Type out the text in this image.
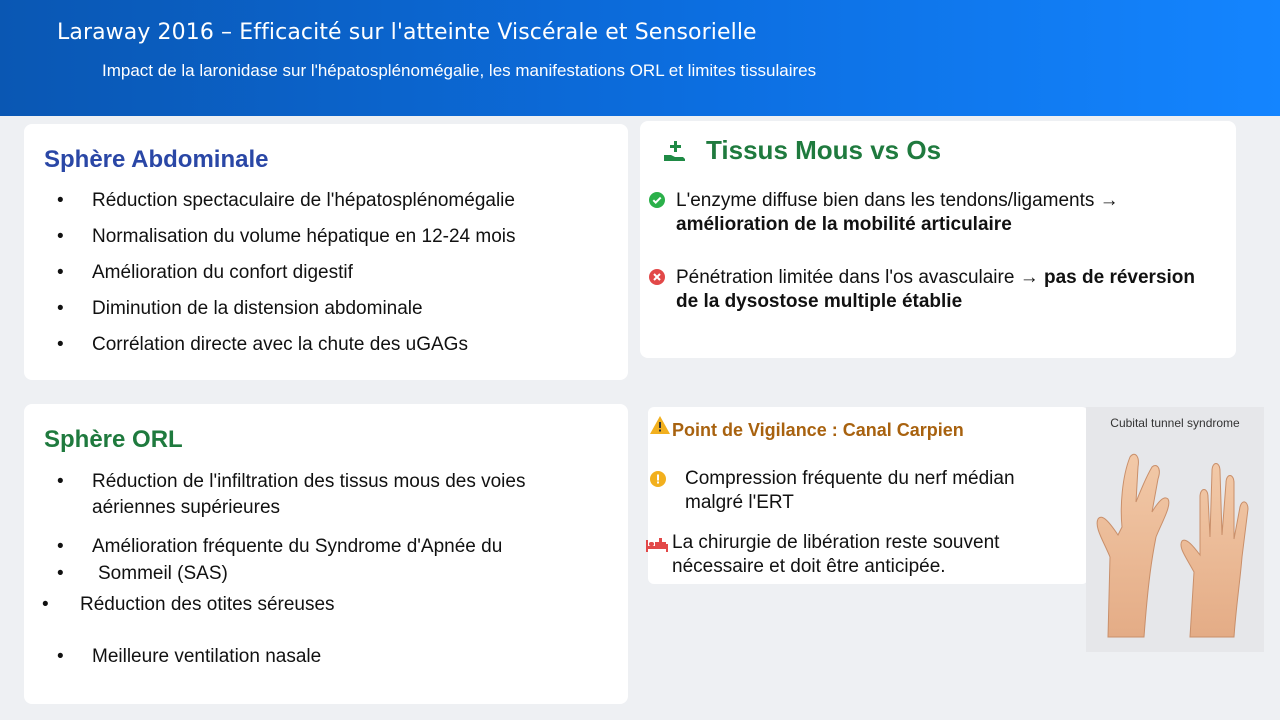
Laraway 2016 – Efficacité sur l'atteinte Viscérale et Sensorielle
Impact de la laronidase sur l'hépatosplénomégalie, les manifestations ORL et limites tissulaires
Sphère Abdominale
• Réduction spectaculaire de l'hépatosplénomégalie
• Normalisation du volume hépatique en 12-24 mois
• Amélioration du confort digestif
• Diminution de la distension abdominale
• Corrélation directe avec la chute des uGAGs
Sphère ORL
• Réduction de l'infiltration des tissus mous des voies aériennes supérieures
• Amélioration fréquente du Syndrome d'Apnée du
• Sommeil (SAS)
• Réduction des otites séreuses
• Meilleure ventilation nasale
Tissus Mous vs Os
L'enzyme diffuse bien dans les tendons/ligaments →
amélioration de la mobilité articulaire
Pénétration limitée dans l'os avasculaire → pas de réversion de la dysostose multiple établie
Point de Vigilance : Canal Carpien
Compression fréquente du nerf médian malgré l'ERT
La chirurgie de libération reste souvent nécessaire et doit être anticipée.
Cubital tunnel syndrome
